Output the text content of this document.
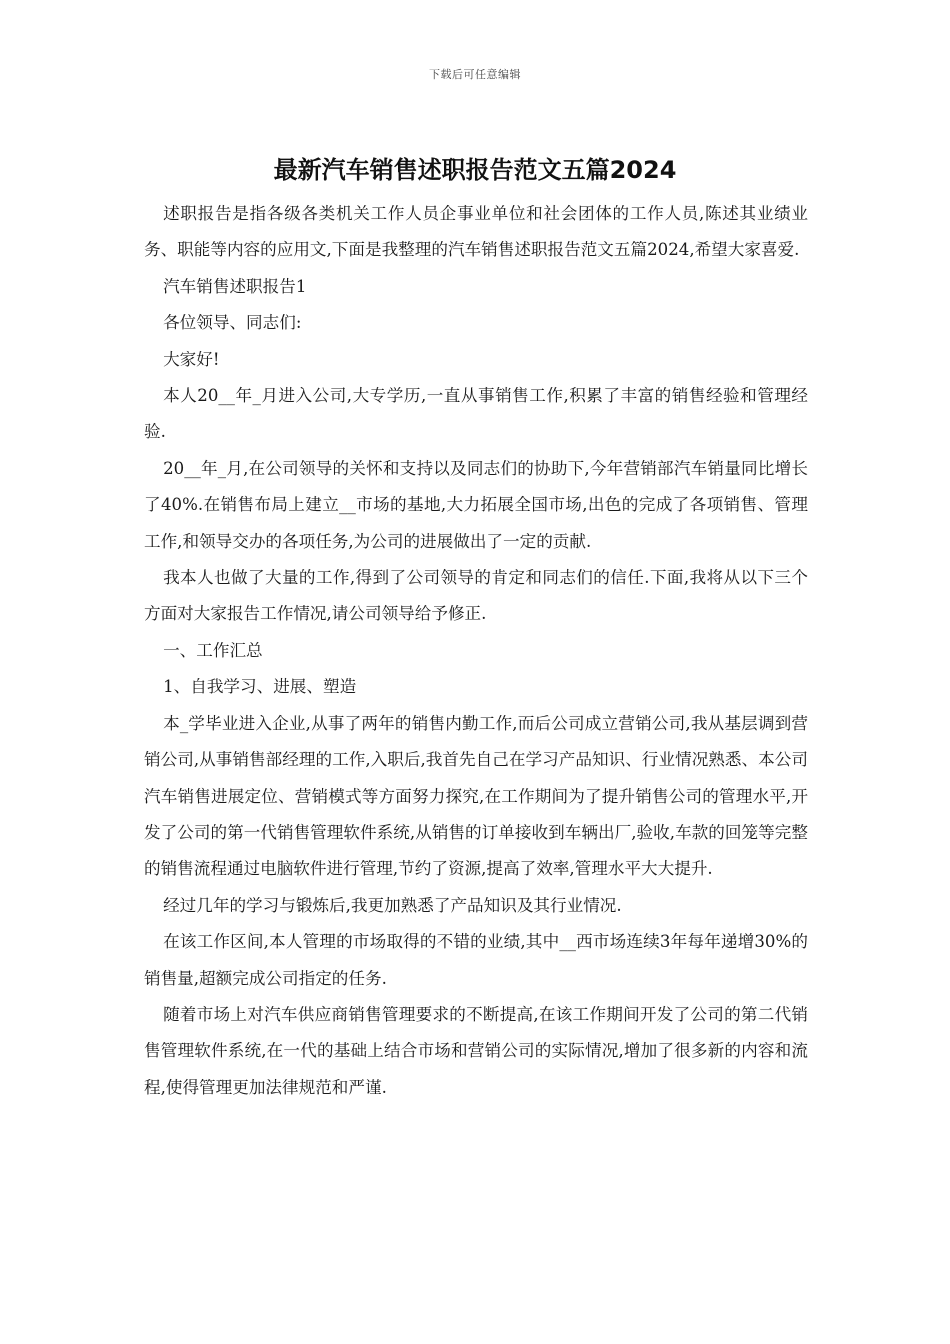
下载后可任意编辑
最新汽车销售述职报告范文五篇2024

述职报告是指各级各类机关工作人员企事业单位和社会团体的工作人员,陈述其业绩业务、职能等内容的应用文,下面是我整理的汽车销售述职报告范文五篇2024,希望大家喜爱.

汽车销售述职报告1

各位领导、同志们:

大家好!

本人20__年_月进入公司,大专学历,一直从事销售工作,积累了丰富的销售经验和管理经验.

20__年_月,在公司领导的关怀和支持以及同志们的协助下,今年营销部汽车销量同比增长了40%.在销售布局上建立__市场的基地,大力拓展全国市场,出色的完成了各项销售、管理工作,和领导交办的各项任务,为公司的进展做出了一定的贡献.

我本人也做了大量的工作,得到了公司领导的肯定和同志们的信任.下面,我将从以下三个方面对大家报告工作情况,请公司领导给予修正.

一、工作汇总

1、自我学习、进展、塑造

本_学毕业进入企业,从事了两年的销售内勤工作,而后公司成立营销公司,我从基层调到营销公司,从事销售部经理的工作,入职后,我首先自己在学习产品知识、行业情况熟悉、本公司汽车销售进展定位、营销模式等方面努力探究,在工作期间为了提升销售公司的管理水平,开发了公司的第一代销售管理软件系统,从销售的订单接收到车辆出厂,验收,车款的回笼等完整的销售流程通过电脑软件进行管理,节约了资源,提高了效率,管理水平大大提升.

经过几年的学习与锻炼后,我更加熟悉了产品知识及其行业情况.

在该工作区间,本人管理的市场取得的不错的业绩,其中__西市场连续3年每年递增30%的销售量,超额完成公司指定的任务.

随着市场上对汽车供应商销售管理要求的不断提高,在该工作期间开发了公司的第二代销售管理软件系统,在一代的基础上结合市场和营销公司的实际情况,增加了很多新的内容和流程,使得管理更加法律规范和严谨.
